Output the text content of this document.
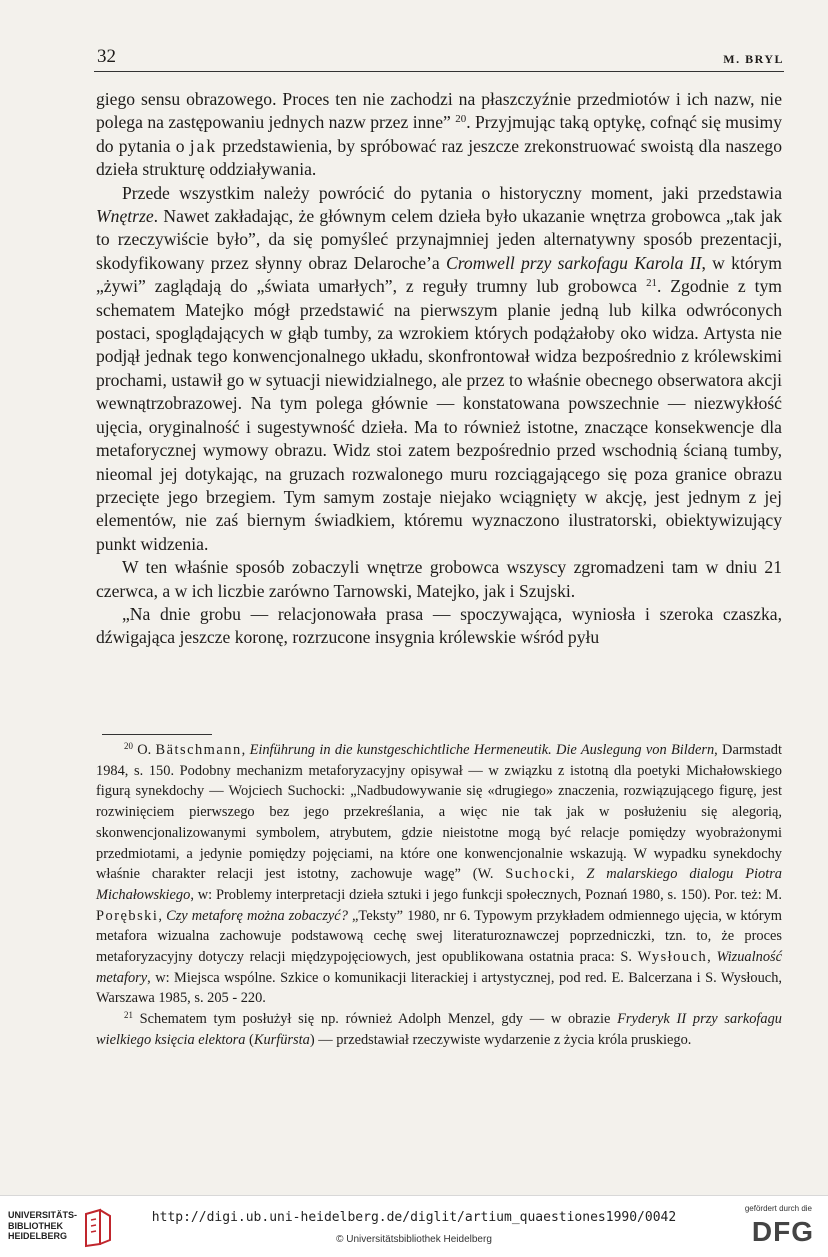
32	M. BRYL

giego sensu obrazowego. Proces ten nie zachodzi na płaszczyźnie przedmiotów i ich nazw, nie polega na zastępowaniu jednych nazw przez inne” $^{20}$. Przyjmując taką optykę, cofnąć się musimy do pytania o jak przedstawienia, by spróbować raz jeszcze zrekonstruować swoistą dla naszego dzieła strukturę oddziaływania.

Przede wszystkim należy powrócić do pytania o historyczny moment, jaki przedstawia Wnętrze. Nawet zakładając, że głównym celem dzieła było ukazanie wnętrza grobowca „tak jak to rzeczywiście było”, da się pomyśleć przynajmniej jeden alternatywny sposób prezentacji, skodyfikowany przez słynny obraz Delaroche’a Cromwell przy sarkofagu Karola II, w którym „żywi” zaglądają do „świata umarłych”, z reguły trumny lub grobowca $^{21}$. Zgodnie z tym schematem Matejko mógł przedstawić na pierwszym planie jedną lub kilka odwróconych postaci, spoglądających w głąb tumby, za wzrokiem których podążałoby oko widza. Artysta nie podjął jednak tego konwencjonalnego układu, skonfrontował widza bezpośrednio z królewskimi prochami, ustawił go w sytuacji niewidzialnego, ale przez to właśnie obecnego obserwatora akcji wewnątrzobrazowej. Na tym polega głównie — konstatowana powszechnie — niezwykłość ujęcia, oryginalność i sugestywność dzieła. Ma to również istotne, znaczące konsekwencje dla metaforycznej wymowy obrazu. Widz stoi zatem bezpośrednio przed wschodnią ścianą tumby, nieomal jej dotykając, na gruzach rozwalonego muru rozciągającego się poza granice obrazu przecięte jego brzegiem. Tym samym zostaje niejako wciągnięty w akcję, jest jednym z jej elementów, nie zaś biernym świadkiem, któremu wyznaczono ilustratorski, obiektywizujący punkt widzenia.

W ten właśnie sposób zobaczyli wnętrze grobowca wszyscy zgromadzeni tam w dniu 21 czerwca, a w ich liczbie zarówno Tarnowski, Matejko, jak i Szujski.

„Na dnie grobu — relacjonowała prasa — spoczywająca, wyniosła i szeroka czaszka, dźwigająca jeszcze koronę, rozrzucone insygnia królewskie wśród pyłu

$^{20}$ O. Bätschmann, Einführung in die kunstgeschichtliche Hermeneutik. Die Auslegung von Bildern, Darmstadt 1984, s. 150. Podobny mechanizm metaforyzacyjny opisywał — w związku z istotną dla poetyki Michałowskiego figurą synekdochy — Wojciech Suchocki: „Nadbudowywanie się «drugiego» znaczenia, rozwiązującego figurę, jest rozwinięciem pierwszego bez jego przekreślania, a więc nie tak jak w posłużeniu się alegorią, skonwencjonalizowanymi symbolem, atrybutem, gdzie nieistotne mogą być relacje pomiędzy wyobrażonymi przedmiotami, a jedynie pomiędzy pojęciami, na które one konwencjonalnie wskazują. W wypadku synekdochy właśnie charakter relacji jest istotny, zachowuje wagę” (W. Suchocki, Z malarskiego dialogu Piotra Michałowskiego, w: Problemy interpretacji dzieła sztuki i jego funkcji społecznych, Poznań 1980, s. 150). Por. też: M. Porębski, Czy metaforę można zobaczyć? „Teksty” 1980, nr 6. Typowym przykładem odmiennego ujęcia, w którym metafora wizualna zachowuje podstawową cechę swej literaturoznawczej poprzedniczki, tzn. to, że proces metaforyzacyjny dotyczy relacji międzypojęciowych, jest opublikowana ostatnia praca: S. Wysłouch, Wizualność metafory, w: Miejsca wspólne. Szkice o komunikacji literackiej i artystycznej, pod red. E. Balcerzana i S. Wysłouch, Warszawa 1985, s. 205 - 220.

$^{21}$ Schematem tym posłużył się np. również Adolph Menzel, gdy — w obrazie Fryderyk II przy sarkofagu wielkiego księcia elektora (Kurfürsta) — przedstawiał rzeczywiste wydarzenie z życia króla pruskiego.

UNIVERSITÄTS-
BIBLIOTHEK
HEIDELBERG
http://digi.ub.uni-heidelberg.de/diglit/artium_quaestiones1990/0042
© Universitätsbibliothek Heidelberg
gefördert durch die
DFG
